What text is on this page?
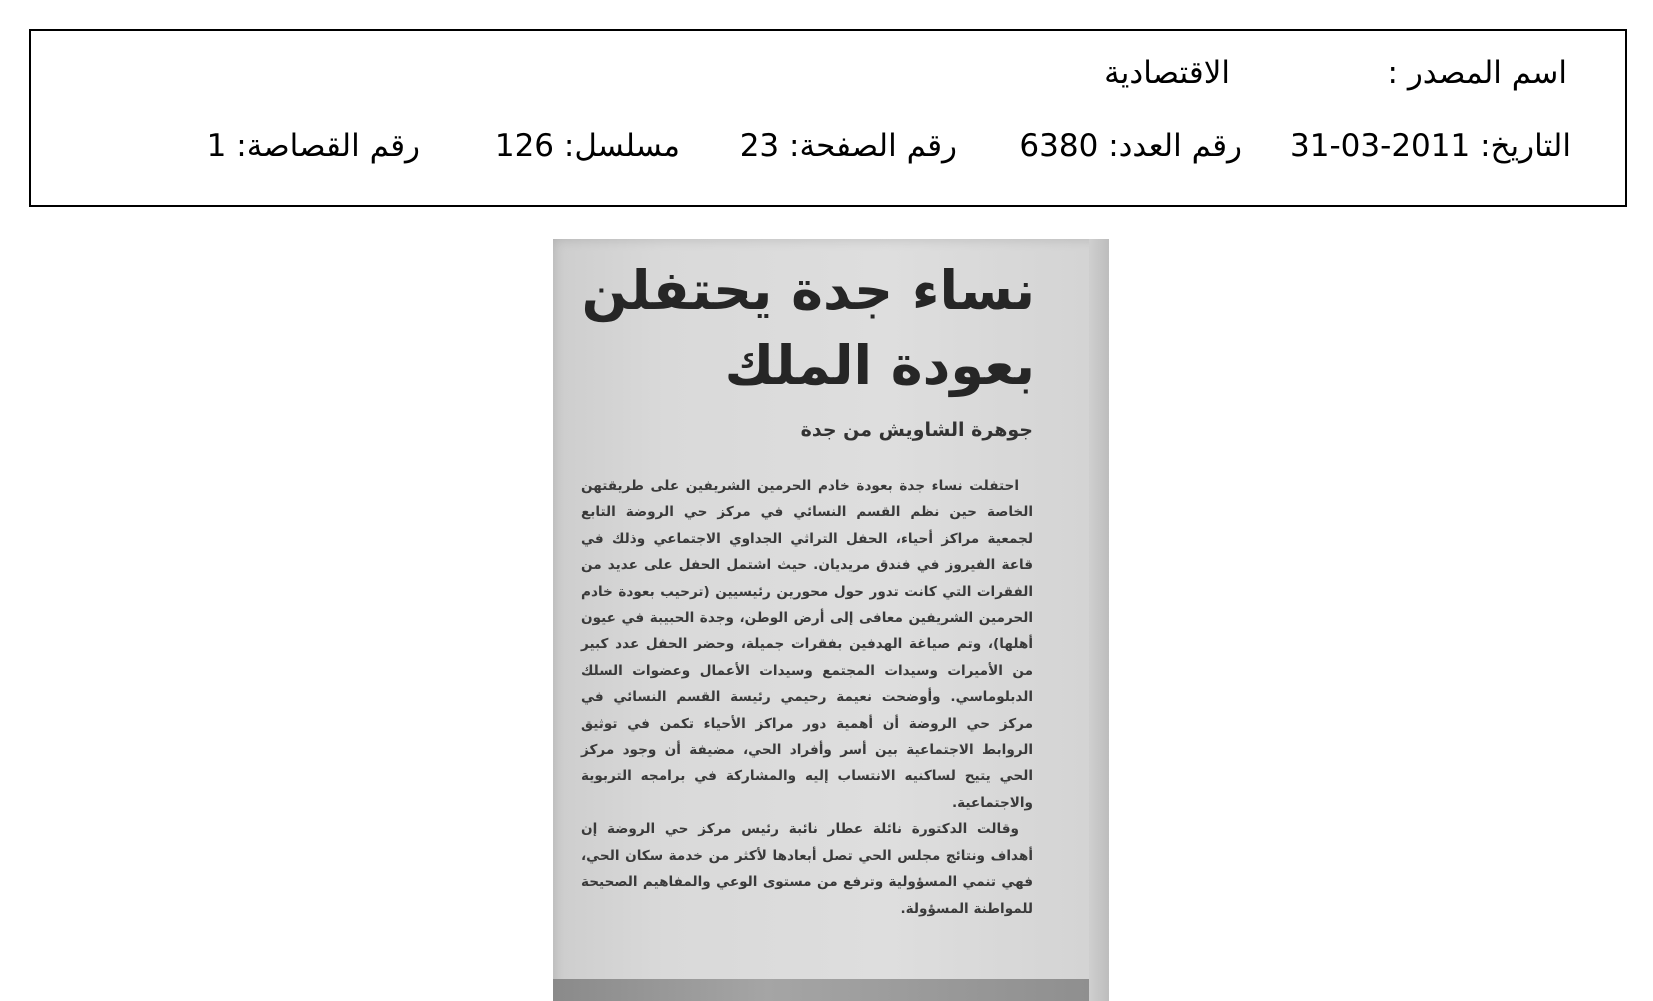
اسم المصدر :
الاقتصادية
التاريخ: 2011-03-31
رقم العدد: 6380
رقم الصفحة: 23
مسلسل: 126
رقم القصاصة: 1
نساء جدة يحتفلن
بعودة الملك
جوهرة الشاويش من جدة

احتفلت نساء جدة بعودة خادم الحرمين الشريفين على طريقتهن الخاصة حين نظم القسم النسائي في مركز حي الروضة التابع لجمعية مراكز أحياء، الحفل التراثي الجداوي الاجتماعي وذلك في قاعة الفيروز في فندق مريديان. حيث اشتمل الحفل على عديد من الفقرات التي كانت تدور حول محورين رئيسيين (ترحيب بعودة خادم الحرمين الشريفين معافى إلى أرض الوطن، وجدة الحبيبة في عيون أهلها)، وتم صياغة الهدفين بفقرات جميلة، وحضر الحفل عدد كبير من الأميرات وسيدات المجتمع وسيدات الأعمال وعضوات السلك الدبلوماسي. وأوضحت نعيمة رحيمي رئيسة القسم النسائي في مركز حي الروضة أن أهمية دور مراكز الأحياء تكمن في توثيق الروابط الاجتماعية بين أسر وأفراد الحي، مضيفة أن وجود مركز الحي يتيح لساكنيه الانتساب إليه والمشاركة في برامجه التربوية والاجتماعية.

وقالت الدكتورة نائلة عطار نائبة رئيس مركز حي الروضة إن أهداف ونتائج مجلس الحي تصل أبعادها لأكثر من خدمة سكان الحي، فهي تنمي المسؤولية وترفع من مستوى الوعي والمفاهيم الصحيحة للمواطنة المسؤولة.
